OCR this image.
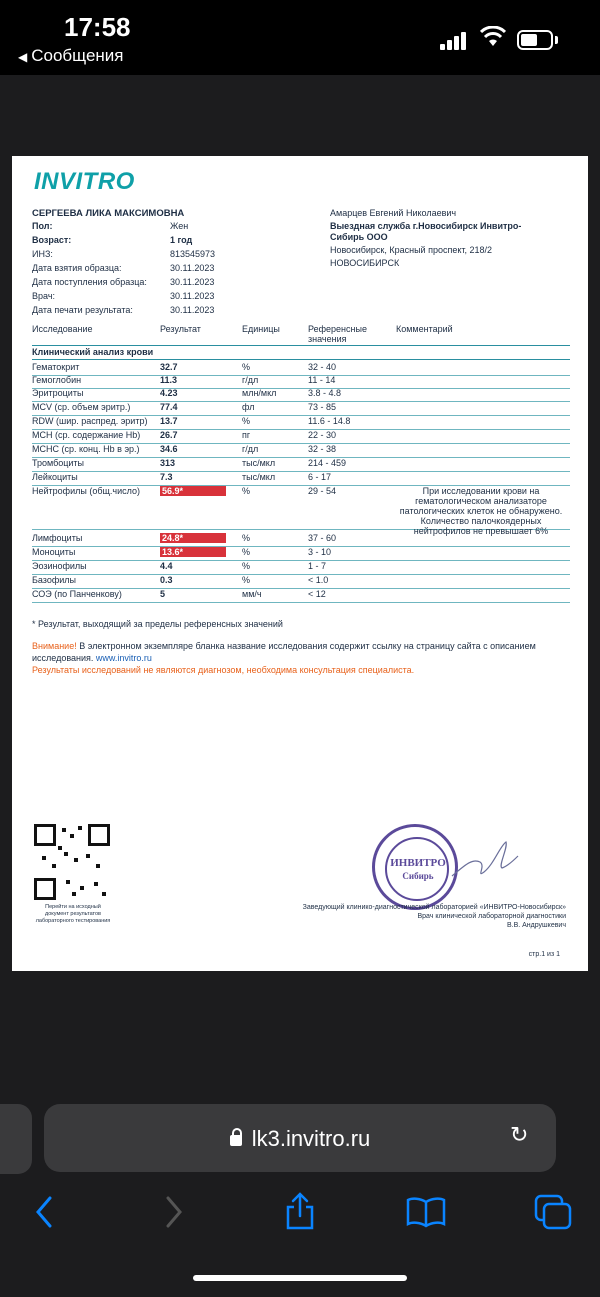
17:58
◀ Сообщения
INVITRO
СЕРГЕЕВА ЛИКА МАКСИМОВНА
Пол:	Жен
Возраст:	1 год
ИНЗ:	813545973
Дата взятия образца:	30.11.2023
Дата поступления образца:	30.11.2023
Врач:	30.11.2023
Дата печати результата:	30.11.2023
Амарцев Евгений Николаевич
Выездная служба г.Новосибирск Инвитро-
Сибирь ООО
Новосибирск, Красный проспект, 218/2
НОВОСИБИРСК
Исследование	Результат	Единицы	Референсные
значения
Комментарий
Клинический анализ крови
Гематокрит	32.7	%	32 - 40
Гемоглобин	11.3	г/дл	11 - 14
Эритроциты	4.23	млн/мкл	3.8 - 4.8
MCV (ср. объем эритр.)	77.4	фл	73 - 85
RDW (шир. распред. эритр) 13.7	%	11.6 - 14.8
MCH (ср. содержание Hb) 26.7	пг	22 - 30
MCHC (ср. конц. Hb в эр.) 34.6	г/дл	32 - 38
Тромбоциты	313	тыс/мкл	214 - 459
Лейкоциты	7.3	тыс/мкл	6 - 17
Нейтрофилы (общ.число) 56.9*	%	29 - 54	При исследовании крови на
гематологическом анализаторе
патологических клеток не обнаружено.
Количество палочкоядерных
нейтрофилов не превышает 6%
Лимфоциты	24.8*	%	37 - 60
Моноциты	13.6*	%	3 - 10
Эозинофилы	4.4	%	1 - 7
Базофилы	0.3	%	< 1.0
СОЭ (по Панченкову)	5	мм/ч	< 12
* Результат, выходящий за пределы референсных значений
Внимание! В электронном экземпляре бланка название исследования содержит ссылку на страницу сайта с описанием
исследования. www.invitro.ru
Результаты исследований не являются диагнозом, необходима консультация специалиста.
Перейти на исходный
документ результатов
лабораторного тестирования
ИНВИТРО
Сибирь
Заведующий клинико-диагностической лабораторией «ИНВИТРО-Новосибирск»
Врач клинической лабораторной диагностики
В.В. Андрушкевич
стр.1 из 1
lk3.invitro.ru	↻
